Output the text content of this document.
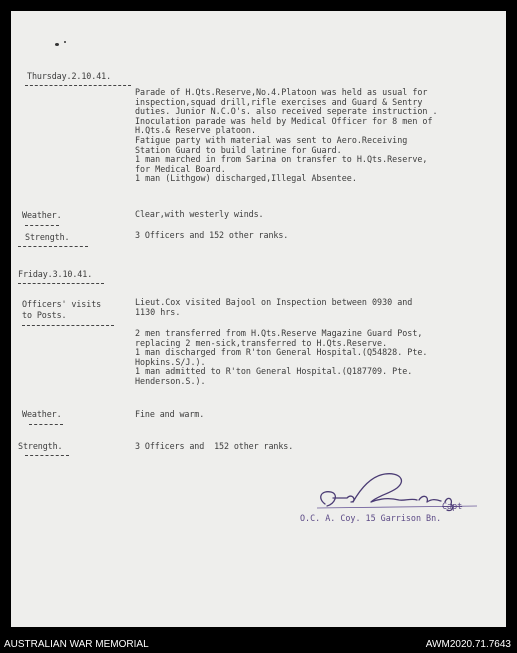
Thursday.2.10.41.
Parade of H.Qts.Reserve,No.4.Platoon was held as usual for
inspection,squad drill,rifle exercises and Guard & Sentry
duties. Junior N.C.O's. also received seperate instruction .
Inoculation parade was held by Medical Officer for 8 men of
H.Qts.& Reserve platoon.
Fatigue party with material was sent to Aero.Receiving
Station Guard to build latrine for Guard.
1 man marched in from Sarina on transfer to H.Qts.Reserve,
for Medical Board.
1 man (Lithgow) discharged,Illegal Absentee.
Weather.	Clear,with westerly winds.
Strength.	3 Officers and 152 other ranks.
Friday.3.10.41.
Officers' visits
to Posts.
Lieut.Cox visited Bajool on Inspection between 0930 and
1130 hrs.
2 men transferred from H.Qts.Reserve Magazine Guard Post,
replacing 2 men-sick,transferred to H.Qts.Reserve.
1 man discharged from R'ton General Hospital.(Q54828. Pte.
Hopkins.S/J.).
1 man admitted to R'ton General Hospital.(Q187709. Pte.
Henderson.S.).
Weather.	Fine and warm.
Strength.	3 Officers and  152 other ranks.

Capt

O.C. A. Coy. 15 Garrison Bn.

AUSTRALIAN WAR MEMORIAL	AWM2020.71.7643
